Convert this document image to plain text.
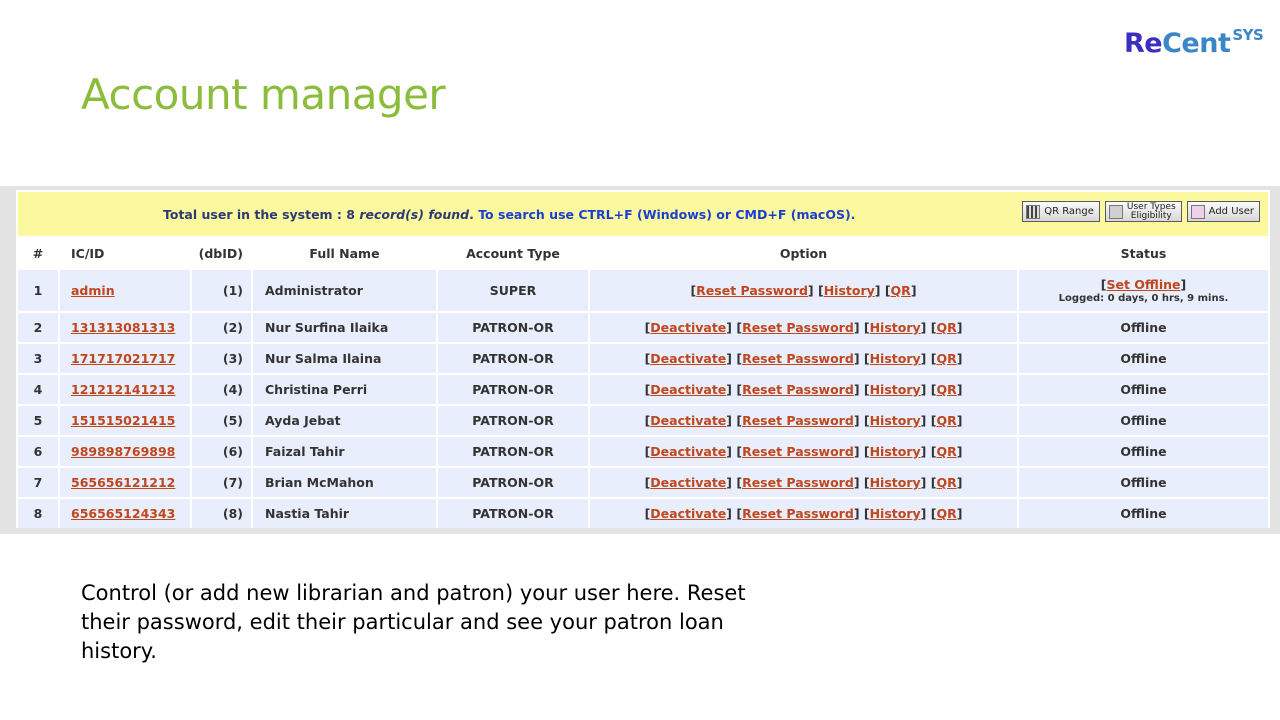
ReCent $^{SYS}$
Account manager
Total user in the system : 8 record(s) found. To search use CTRL+F (Windows) or CMD+F (macOS).	QR Range	User Types
Eligibility	Add User
#	IC/ID	(dbID)	Full Name	Account Type	Option	Status
1	admin	(1)	Administrator	SUPER	[Reset Password] [History] [QR]	[Set Offline]
Logged: 0 days, 0 hrs, 9 mins.

2	131313081313	(2)	Nur Surfina Ilaika	PATRON-OR	[Deactivate] [Reset Password] [History] [QR]	Offline
3	171717021717	(3)	Nur Salma Ilaina	PATRON-OR	[Deactivate] [Reset Password] [History] [QR]	Offline
4	121212141212	(4)	Christina Perri	PATRON-OR	[Deactivate] [Reset Password] [History] [QR]	Offline
5	151515021415	(5)	Ayda Jebat	PATRON-OR	[Deactivate] [Reset Password] [History] [QR]	Offline
6	989898769898	(6)	Faizal Tahir	PATRON-OR	[Deactivate] [Reset Password] [History] [QR]	Offline
7	565656121212	(7)	Brian McMahon	PATRON-OR	[Deactivate] [Reset Password] [History] [QR]	Offline
8	656565124343	(8)	Nastia Tahir	PATRON-OR	[Deactivate] [Reset Password] [History] [QR]	Offline

Control (or add new librarian and patron) your user here. Reset their password, edit their particular and see your patron loan history.
